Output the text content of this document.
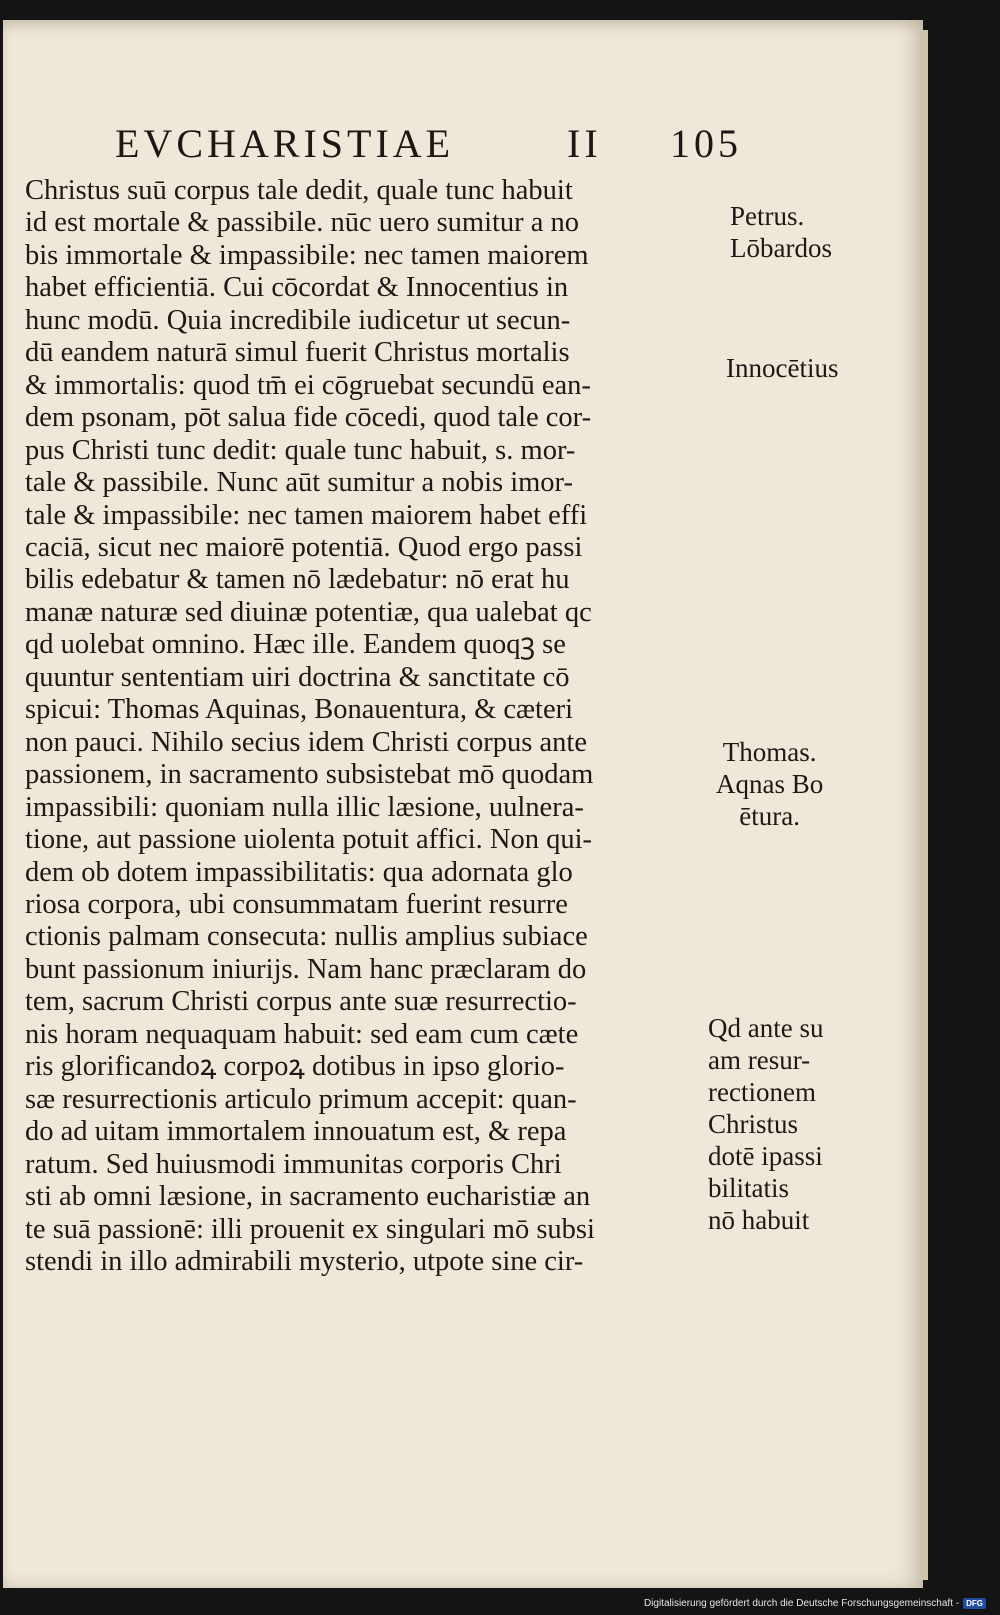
EVCHARISTIAE	II 105
Christus suū corpus tale dedit, quale tunc habuit
id est mortale & passibile. nūc uero sumitur a no
bis immortale & impassibile: nec tamen maiorem
habet efficientiā. Cui cōcordat & Innocentius in
hunc modū. Quia incredibile iudicetur ut secun-
dū eandem naturā simul fuerit Christus mortalis
& immortalis: quod tm̄ ei cōgruebat secundū ean-
dem psonam, pōt salua fide cōcedi, quod tale cor-
pus Christi tunc dedit: quale tunc habuit, s. mor-
tale & passibile. Nunc aūt sumitur a nobis imor-
tale & impassibile: nec tamen maiorem habet effi
caciā, sicut nec maiorē potentiā. Quod ergo passi
bilis edebatur & tamen nō lædebatur: nō erat hu
manæ naturæ sed diuinæ potentiæ, qua ualebat qc
qd uolebat omnino. Hæc ille. Eandem quoqꝫ se
quuntur sententiam uiri doctrina & sanctitate cō
spicui: Thomas Aquinas, Bonauentura, & cæteri
non pauci. Nihilo secius idem Christi corpus ante
passionem, in sacramento subsistebat mō quodam
impassibili: quoniam nulla illic læsione, uulnera-
tione, aut passione uiolenta potuit affici. Non qui-
dem ob dotem impassibilitatis: qua adornata glo
riosa corpora, ubi consummatam fuerint resurre
ctionis palmam consecuta: nullis amplius subiace
bunt passionum iniurijs. Nam hanc præclaram do
tem, sacrum Christi corpus ante suæ resurrectio-
nis horam nequaquam habuit: sed eam cum cæte
ris glorificandoꝝ corpoꝝ dotibus in ipso glorio-
sæ resurrectionis articulo primum accepit: quan-
do ad uitam immortalem innouatum est, & repa
ratum. Sed huiusmodi immunitas corporis Chri
sti ab omni læsione, in sacramento eucharistiæ an
te suā passionē: illi prouenit ex singulari mō subsi
stendi in illo admirabili mysterio, utpote sine cir-
Petrus.
Lōbardos
Innocētius
Thomas.
Aqnas Bo
ētura.
Qd ante su
am resur-
rectionem
Christus
dotē ipassi
bilitatis
nō habuit
Digitalisierung gefördert durch die Deutsche Forschungsgemeinschaft - DFG
